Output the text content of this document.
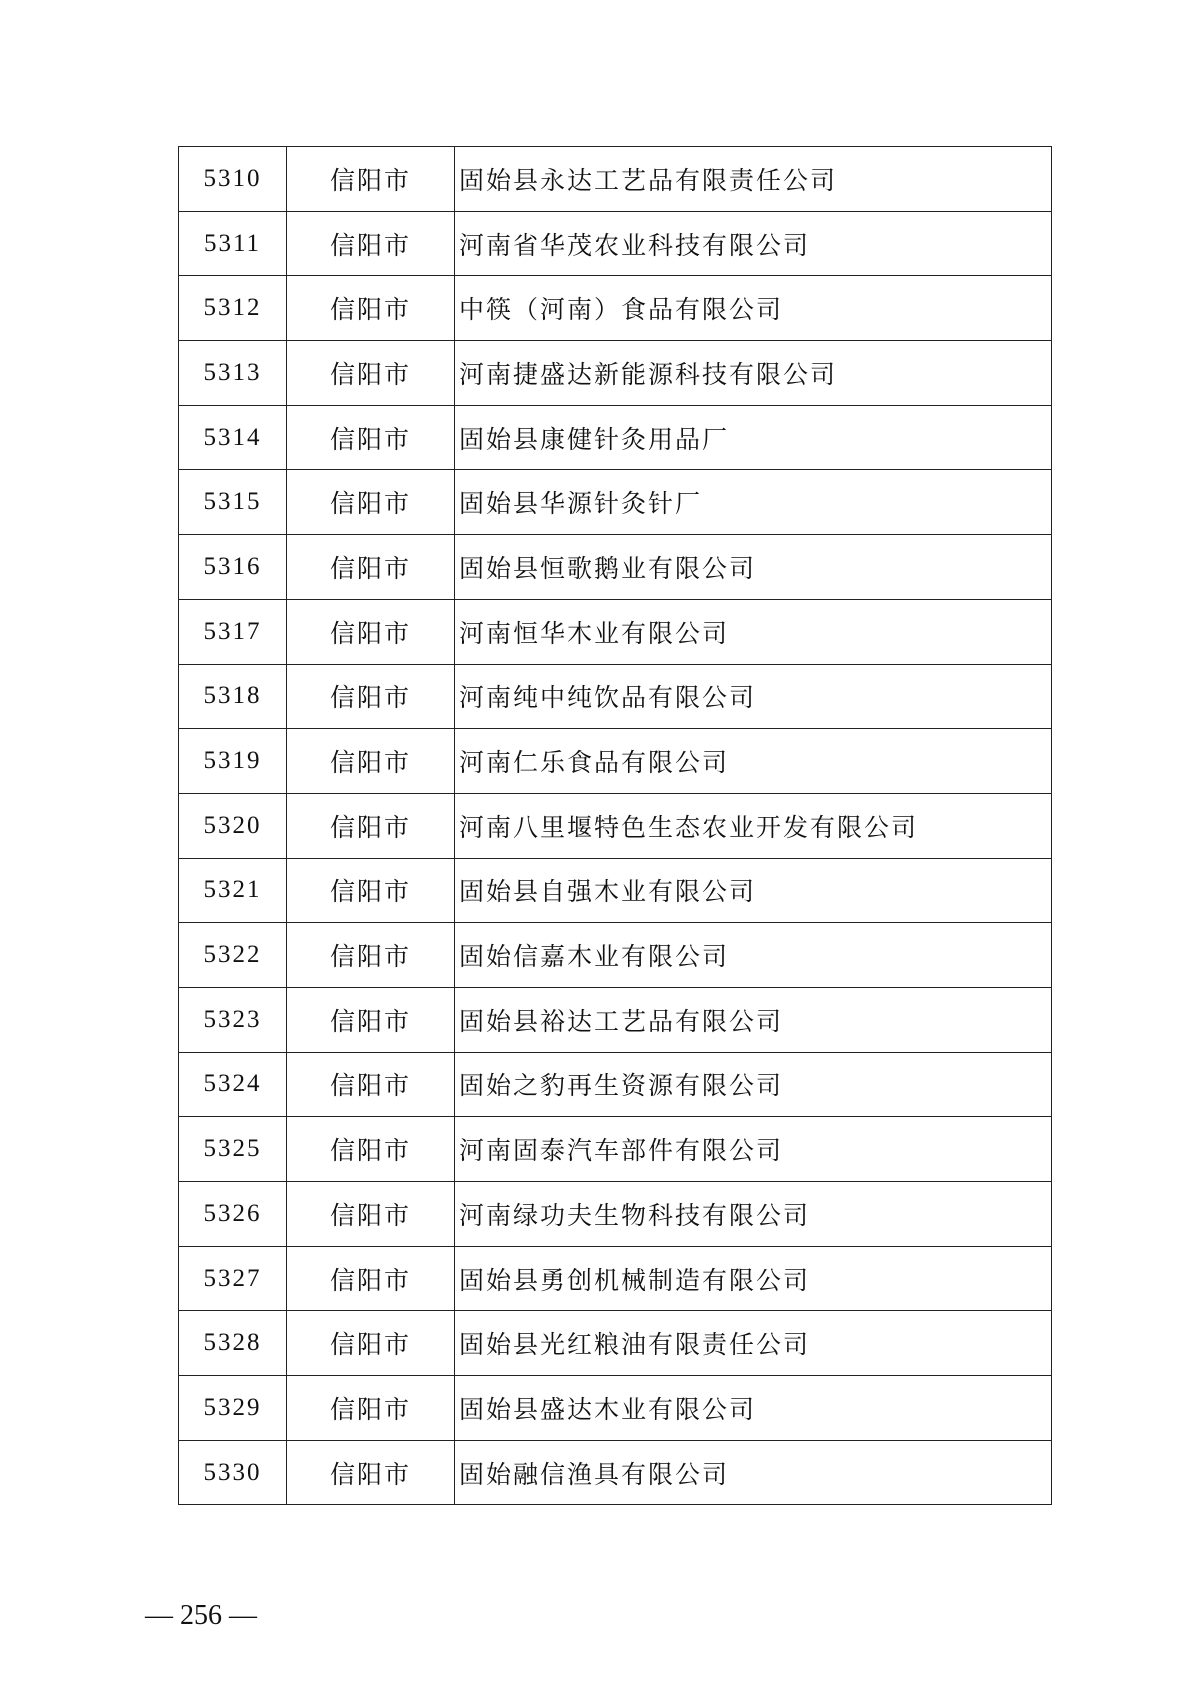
5310	信阳市	固始县永达工艺品有限责任公司
5311	信阳市	河南省华茂农业科技有限公司
5312	信阳市	中筷（河南）食品有限公司
5313	信阳市	河南捷盛达新能源科技有限公司
5314	信阳市	固始县康健针灸用品厂
5315	信阳市	固始县华源针灸针厂
5316	信阳市	固始县恒歌鹅业有限公司
5317	信阳市	河南恒华木业有限公司
5318	信阳市	河南纯中纯饮品有限公司
5319	信阳市	河南仁乐食品有限公司
5320	信阳市	河南八里堰特色生态农业开发有限公司
5321	信阳市	固始县自强木业有限公司
5322	信阳市	固始信嘉木业有限公司
5323	信阳市	固始县裕达工艺品有限公司
5324	信阳市	固始之豹再生资源有限公司
5325	信阳市	河南固泰汽车部件有限公司
5326	信阳市	河南绿功夫生物科技有限公司
5327	信阳市	固始县勇创机械制造有限公司
5328	信阳市	固始县光红粮油有限责任公司
5329	信阳市	固始县盛达木业有限公司
5330	信阳市	固始融信渔具有限公司
— 256 —
